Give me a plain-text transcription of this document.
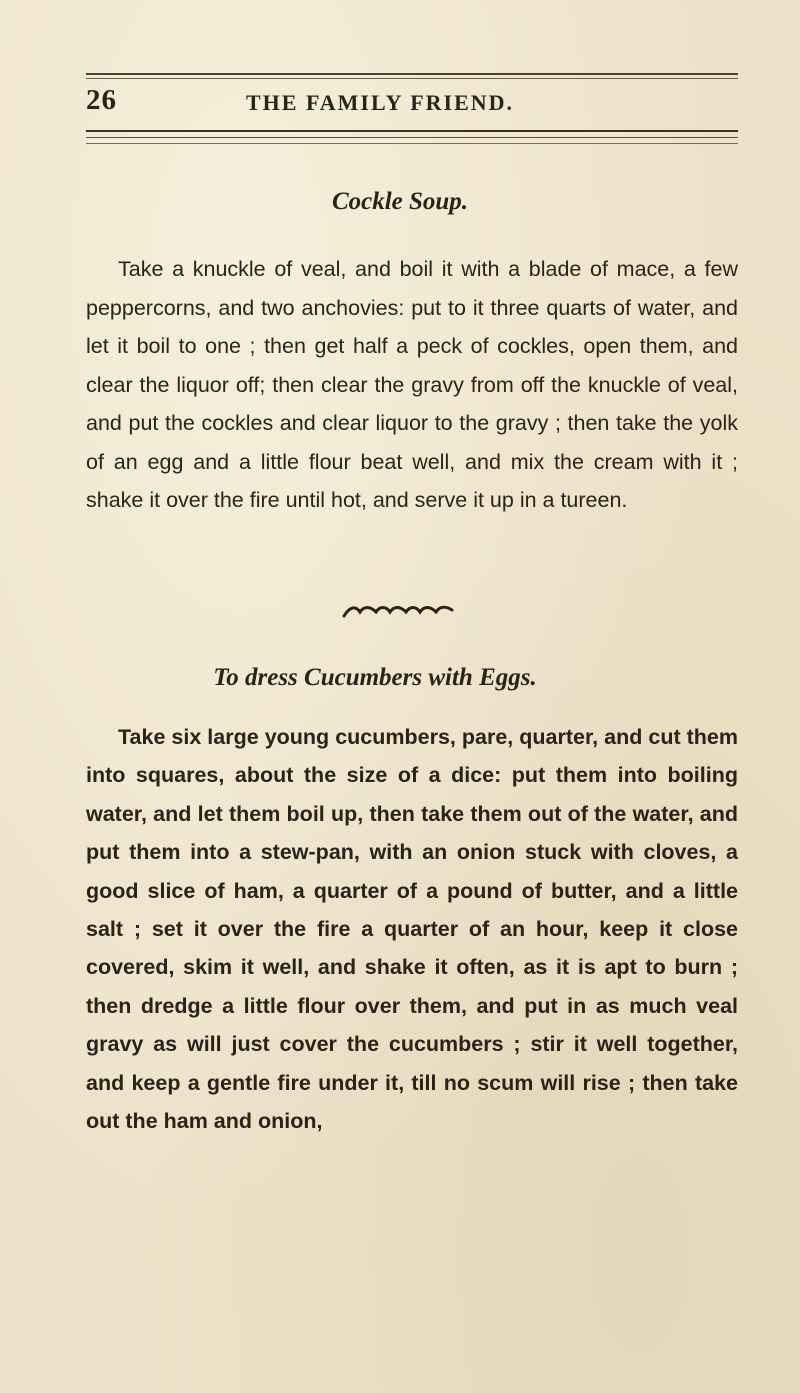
26	THE FAMILY FRIEND.
Cockle Soup.

Take a knuckle of veal, and boil it with a blade of mace, a few peppercorns, and two anchovies: put to it three quarts of water, and let it boil to one ; then get half a peck of cockles, open them, and clear the liquor off; then clear the gravy from off the knuckle of veal, and put the cockles and clear liquor to the gravy ; then take the yolk of an egg and a little flour beat well, and mix the cream with it ; shake it over the fire until hot, and serve it up in a tureen.

To dress Cucumbers with Eggs.

Take six large young cucumbers, pare, quarter, and cut them into squares, about the size of a dice: put them into boiling water, and let them boil up, then take them out of the water, and put them into a stew-pan, with an onion stuck with cloves, a good slice of ham, a quarter of a pound of butter, and a little salt ; set it over the fire a quarter of an hour, keep it close covered, skim it well, and shake it often, as it is apt to burn ; then dredge a little flour over them, and put in as much veal gravy as will just cover the cucumbers ; stir it well together, and keep a gentle fire under it, till no scum will rise ; then take out the ham and onion,
